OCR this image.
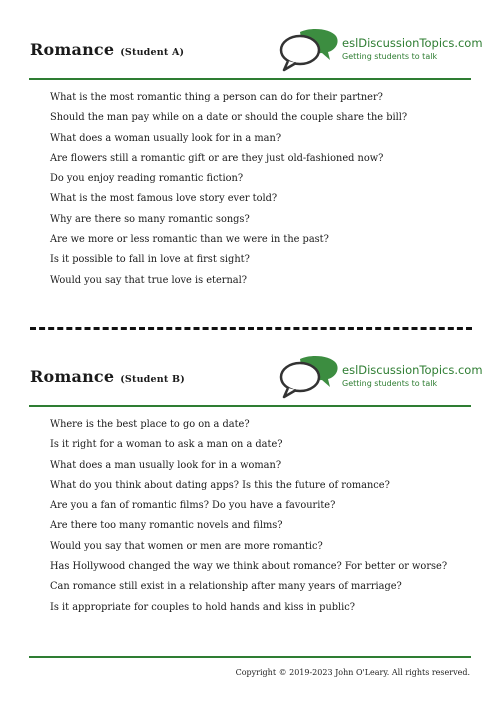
Romance (Student A)
eslDiscussionTopics.com
Getting students to talk
What is the most romantic thing a person can do for their partner?
Should the man pay while on a date or should the couple share the bill?
What does a woman usually look for in a man?
Are flowers still a romantic gift or are they just old-fashioned now?
Do you enjoy reading romantic fiction?
What is the most famous love story ever told?
Why are there so many romantic songs?
Are we more or less romantic than we were in the past?
Is it possible to fall in love at first sight?
Would you say that true love is eternal?
Romance (Student B)
eslDiscussionTopics.com
Getting students to talk
Where is the best place to go on a date?
Is it right for a woman to ask a man on a date?
What does a man usually look for in a woman?
What do you think about dating apps? Is this the future of romance?
Are you a fan of romantic films? Do you have a favourite?
Are there too many romantic novels and films?
Would you say that women or men are more romantic?
Has Hollywood changed the way we think about romance? For better or worse?
Can romance still exist in a relationship after many years of marriage?
Is it appropriate for couples to hold hands and kiss in public?
Copyright © 2019-2023 John O'Leary. All rights reserved.
